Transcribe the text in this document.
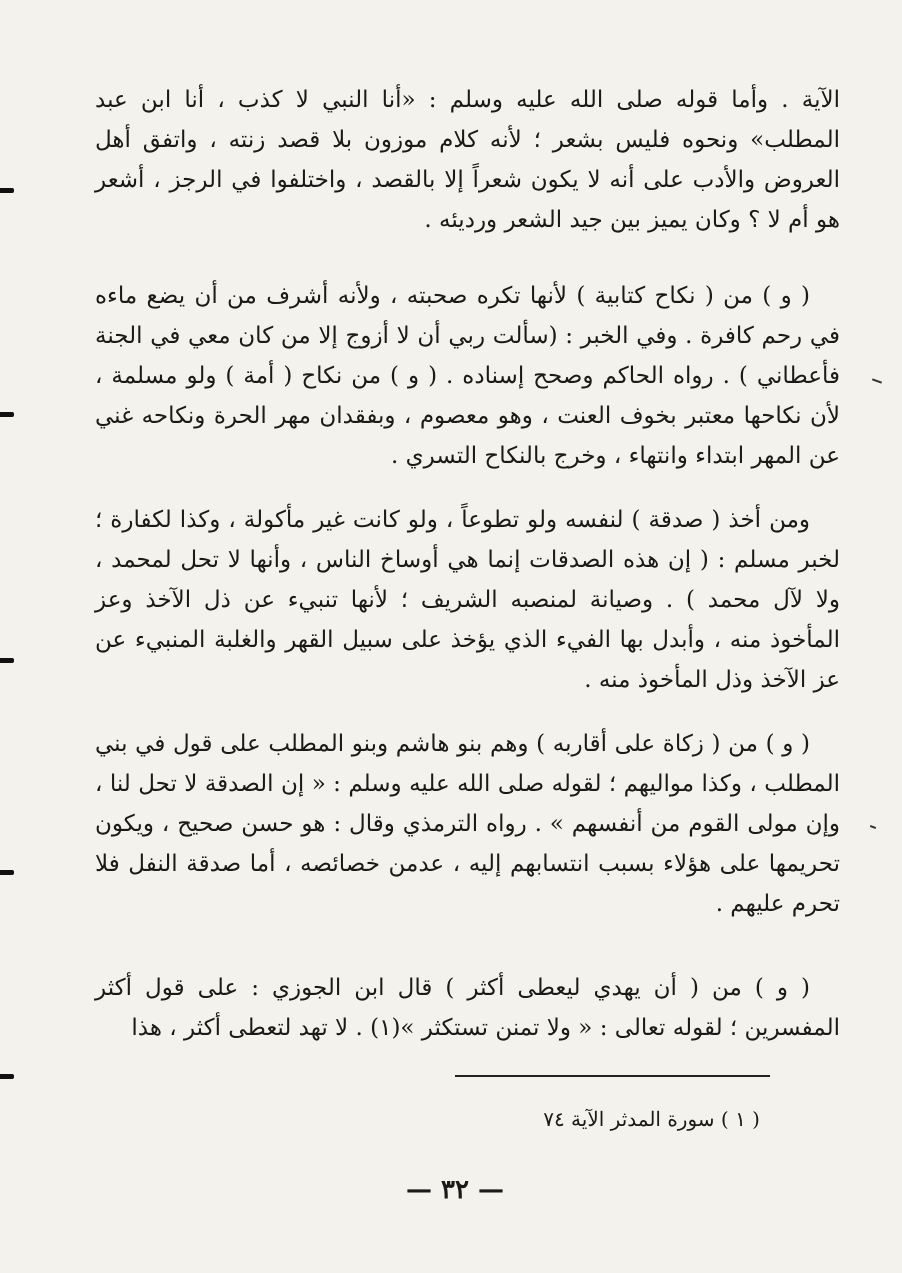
الآية . وأما قوله صلى الله عليه وسلم : «أنا النبي لا كذب ، أنا ابن عبد المطلب» ونحوه فليس بشعر ؛ لأنه كلام موزون بلا قصد زنته ، واتفق أهل العروض والأدب على أنه لا يكون شعراً إلا بالقصد ، واختلفوا في الرجز ، أشعر هو أم لا ؟ وكان يميز بين جيد الشعر ورديئه .

( و ) من ( نكاح كتابية ) لأنها تكره صحبته ، ولأنه أشرف من أن يضع ماءه في رحم كافرة . وفي الخبر : (سألت ربي أن لا أزوج إلا من كان معي في الجنة فأعطاني ) . رواه الحاكم وصحح إسناده . ( و ) من نكاح ( أمة ) ولو مسلمة ، لأن نكاحها معتبر بخوف العنت ، وهو معصوم ، وبفقدان مهر الحرة ونكاحه غني عن المهر ابتداء وانتهاء ، وخرج بالنكاح التسري .

ومن أخذ ( صدقة ) لنفسه ولو تطوعاً ، ولو كانت غير مأكولة ، وكذا لكفارة ؛ لخبر مسلم : ( إن هذه الصدقات إنما هي أوساخ الناس ، وأنها لا تحل لمحمد ، ولا لآل محمد ) . وصيانة لمنصبه الشريف ؛ لأنها تنبيء عن ذل الآخذ وعز المأخوذ منه ، وأبدل بها الفيء الذي يؤخذ على سبيل القهر والغلبة المنبيء عن عز الآخذ وذل المأخوذ منه .

( و ) من ( زكاة على أقاربه ) وهم بنو هاشم وبنو المطلب على قول في بني المطلب ، وكذا مواليهم ؛ لقوله صلى الله عليه وسلم : « إن الصدقة لا تحل لنا ، وإن مولى القوم من أنفسهم » . رواه الترمذي وقال : هو حسن صحيح ، ويكون تحريمها على هؤلاء بسبب انتسابهم إليه ، عدمن خصائصه ، أما صدقة النفل فلا تحرم عليهم .

( و ) من ( أن يهدي ليعطى أكثر ) قال ابن الجوزي : على قول أكثر المفسرين ؛ لقوله تعالى : « ولا تمنن تستكثر »(١) . لا تهد لتعطى أكثر ، هذا

( ١ ) سورة المدثر الآية ٧٤
— ٣٢ —
